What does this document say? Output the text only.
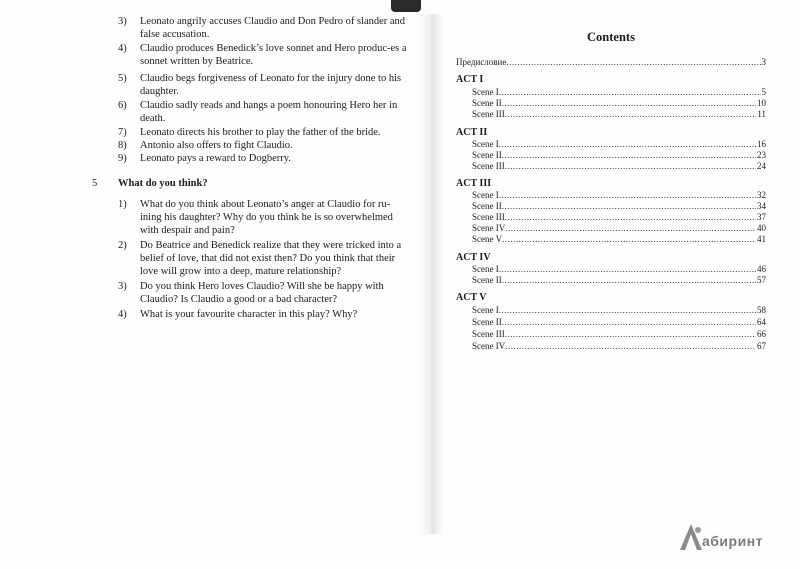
3)	Leonato angrily accuses Claudio and Don Pedro of slander and false accusation.
4)	Claudio produces Benedick’s love sonnet and Hero produc-es a sonnet written by Beatrice.
5)	Claudio begs forgiveness of Leonato for the injury done to his daughter.
6)	Claudio sadly reads and hangs a poem honouring Hero her in death.
7)	Leonato directs his brother to play the father of the bride.
8)	Antonio also offers to fight Claudio.
9)	Leonato pays a reward to Dogberry.
5 What do you think?
1)	What do you think about Leonato’s anger at Claudio for ru-ining his daughter? Why do you think he is so overwhelmed with despair and pain?
2)	Do Beatrice and Benedick realize that they were tricked into a belief of love, that did not exist then? Do you think that their love will grow into a deep, mature relationship?
3)	Do you think Hero loves Claudio? Will she be happy with Claudio? Is Claudio a good or a bad character?
4)	What is your favourite character in this play? Why?
Contents
Предисловие .....	3
ACT I
Scene I .....	5
Scene II .....	10
Scene III .....	11
ACT II
Scene I .....	16
Scene II .....	23
Scene III .....	24
ACT III
Scene I .....	32
Scene II .....	34
Scene III .....	37
Scene IV .....	40
Scene V .....	41
ACT IV
Scene I .....	46
Scene II .....	57
ACT V
Scene I .....	58
Scene II .....	64
Scene III .....	66
Scene IV .....	67
абиринт
